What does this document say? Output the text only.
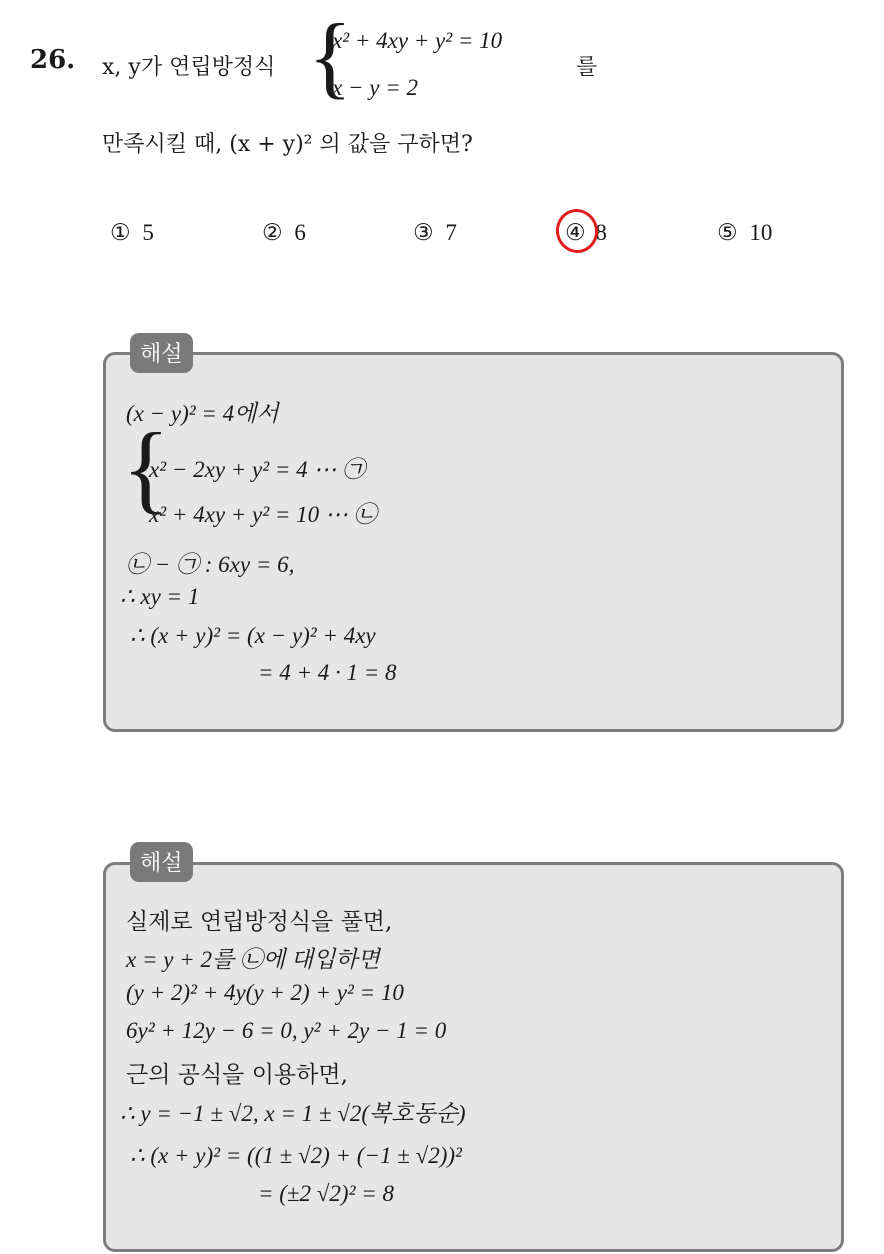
26. x, y가 연립방정식 {
x² + 4xy + y² = 10
x − y = 2
를
만족시킬 때, (x + y)² 의 값을 구하면?
① 5	② 6	③ 7	④ 8	⑤ 10
해설
(x − y)² = 4에서
{
x² − 2xy + y² = 4 ⋯ ㉠
x² + 4xy + y² = 10 ⋯ ㉡
㉡ − ㉠ : 6xy = 6,
∴ xy = 1
∴ (x + y)² = (x − y)² + 4xy
= 4 + 4 · 1 = 8
해설
실제로 연립방정식을 풀면,
x = y + 2를 ㉡에 대입하면
(y + 2)² + 4y(y + 2) + y² = 10
6y² + 12y − 6 = 0, y² + 2y − 1 = 0
근의 공식을 이용하면,
∴ y = −1 ± √2, x = 1 ± √2(복호동순)
∴ (x + y)² = ((1 ± √2) + (−1 ± √2))²
= (±2 √2)² = 8
